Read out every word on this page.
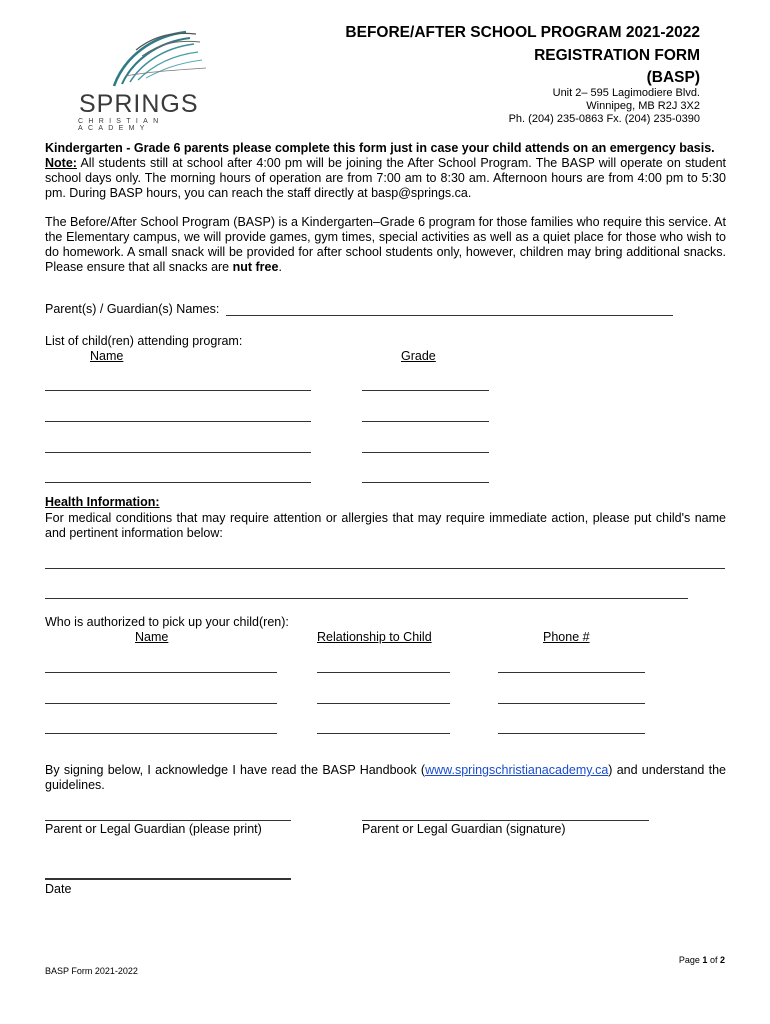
SPRINGS
CHRISTIAN ACADEMY
BEFORE/AFTER SCHOOL PROGRAM 2021-2022
REGISTRATION FORM
(BASP)
Unit 2– 595 Lagimodiere Blvd.
Winnipeg, MB R2J 3X2
Ph. (204) 235-0863 Fx. (204) 235-0390
Kindergarten - Grade 6 parents please complete this form just in case your child attends on an emergency basis.
Note: All students still at school after 4:00 pm will be joining the After School Program. The BASP will operate on student school days only. The morning hours of operation are from 7:00 am to 8:30 am. Afternoon hours are from 4:00 pm to 5:30 pm. During BASP hours, you can reach the staff directly at basp@springs.ca.
The Before/After School Program (BASP) is a Kindergarten–Grade 6 program for those families who require this service. At the Elementary campus, we will provide games, gym times, special activities as well as a quiet place for those who wish to do homework. A small snack will be provided for after school students only, however, children may bring additional snacks. Please ensure that all snacks are nut free.
Parent(s) / Guardian(s) Names:
List of child(ren) attending program:
Name	Grade
Health Information:
For medical conditions that may require attention or allergies that may require immediate action, please put child's name and pertinent information below:
Who is authorized to pick up your child(ren):
Name	Relationship to Child	Phone #
By signing below, I acknowledge I have read the BASP Handbook (www.springschristianacademy.ca) and understand the guidelines.
Parent or Legal Guardian (please print)	Parent or Legal Guardian (signature)
Date
Page 1 of 2
BASP Form 2021-2022
